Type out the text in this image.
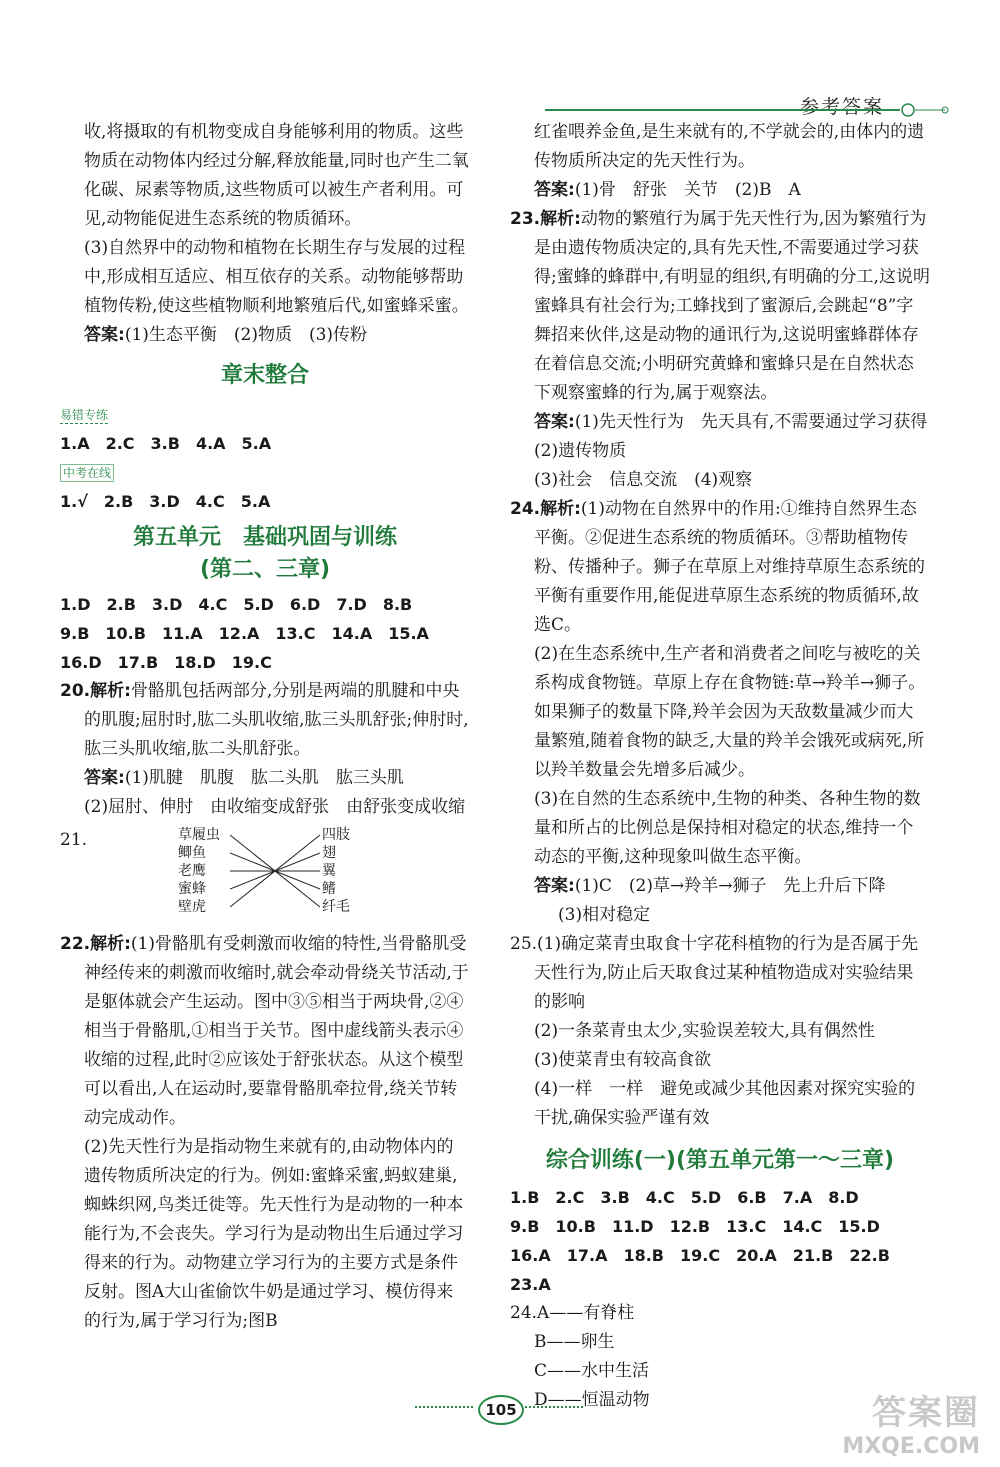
参考答案

收,将摄取的有机物变成自身能够利用的物质。这些物质在动物体内经过分解,释放能量,同时也产生二氧化碳、尿素等物质,这些物质可以被生产者利用。可见,动物能促进生态系统的物质循环。

(3)自然界中的动物和植物在长期生存与发展的过程中,形成相互适应、相互依存的关系。动物能够帮助植物传粉,使这些植物顺利地繁殖后代,如蜜蜂采蜜。

答案:(1)生态平衡　(2)物质　(3)传粉

章末整合
易错专练
1.A　2.C　3.B　4.A　5.A
中考在线
1.√　2.B　3.D　4.C　5.A
第五单元　基础巩固与训练
(第二、三章)
1.D　2.B　3.D　4.C　5.D　6.D　7.D　8.B
9.B　10.B　11.A　12.A　13.C　14.A　15.A
16.D　17.B　18.D　19.C

20.解析:骨骼肌包括两部分,分别是两端的肌腱和中央的肌腹;屈肘时,肱二头肌收缩,肱三头肌舒张;伸肘时,肱三头肌收缩,肱二头肌舒张。

答案:(1)肌腱　肌腹　肱二头肌　肱三头肌

(2)屈肘、伸肘　由收缩变成舒张　由舒张变成收缩

21.	草履虫
鲫鱼
老鹰
蜜蜂
壁虎
四肢
翅
翼
鳍
纤毛

22.解析:(1)骨骼肌有受刺激而收缩的特性,当骨骼肌受神经传来的刺激而收缩时,就会牵动骨绕关节活动,于是躯体就会产生运动。图中③⑤相当于两块骨,②④相当于骨骼肌,①相当于关节。图中虚线箭头表示④收缩的过程,此时②应该处于舒张状态。从这个模型可以看出,人在运动时,要靠骨骼肌牵拉骨,绕关节转动完成动作。

(2)先天性行为是指动物生来就有的,由动物体内的遗传物质所决定的行为。例如:蜜蜂采蜜,蚂蚁建巢,蜘蛛织网,鸟类迁徙等。先天性行为是动物的一种本能行为,不会丧失。学习行为是动物出生后通过学习得来的行为。动物建立学习行为的主要方式是条件反射。图A大山雀偷饮牛奶是通过学习、模仿得来的行为,属于学习行为;图B

红雀喂养金鱼,是生来就有的,不学就会的,由体内的遗传物质所决定的先天性行为。

答案:(1)骨　舒张　关节　(2)B　A

23.解析:动物的繁殖行为属于先天性行为,因为繁殖行为是由遗传物质决定的,具有先天性,不需要通过学习获得;蜜蜂的蜂群中,有明显的组织,有明确的分工,这说明蜜蜂具有社会行为;工蜂找到了蜜源后,会跳起“8”字舞招来伙伴,这是动物的通讯行为,这说明蜜蜂群体存在着信息交流;小明研究黄蜂和蜜蜂只是在自然状态下观察蜜蜂的行为,属于观察法。

答案:(1)先天性行为　先天具有,不需要通过学习获得　(2)遗传物质

(3)社会　信息交流　(4)观察

24.解析:(1)动物在自然界中的作用:①维持自然界生态平衡。②促进生态系统的物质循环。③帮助植物传粉、传播种子。狮子在草原上对维持草原生态系统的平衡有重要作用,能促进草原生态系统的物质循环,故选C。

(2)在生态系统中,生产者和消费者之间吃与被吃的关系构成食物链。草原上存在食物链:草→羚羊→狮子。如果狮子的数量下降,羚羊会因为天敌数量减少而大量繁殖,随着食物的缺乏,大量的羚羊会饿死或病死,所以羚羊数量会先增多后减少。

(3)在自然的生态系统中,生物的种类、各种生物的数量和所占的比例总是保持相对稳定的状态,维持一个动态的平衡,这种现象叫做生态平衡。

答案:(1)C　(2)草→羚羊→狮子　先上升后下降

(3)相对稳定

25.(1)确定菜青虫取食十字花科植物的行为是否属于先天性行为,防止后天取食过某种植物造成对实验结果的影响

(2)一条菜青虫太少,实验误差较大,具有偶然性

(3)使菜青虫有较高食欲

(4)一样　一样　避免或减少其他因素对探究实验的干扰,确保实验严谨有效

综合训练(一)(第五单元第一～三章)
1.B　2.C　3.B　4.C　5.D　6.B　7.A　8.D
9.B　10.B　11.D　12.B　13.C　14.C　15.D
16.A　17.A　18.B　19.C　20.A　21.B　22.B
23.A

24.A——有脊柱

B——卵生

C——水中生活

D——恒温动物

105	答案圈
MXQE.COM
